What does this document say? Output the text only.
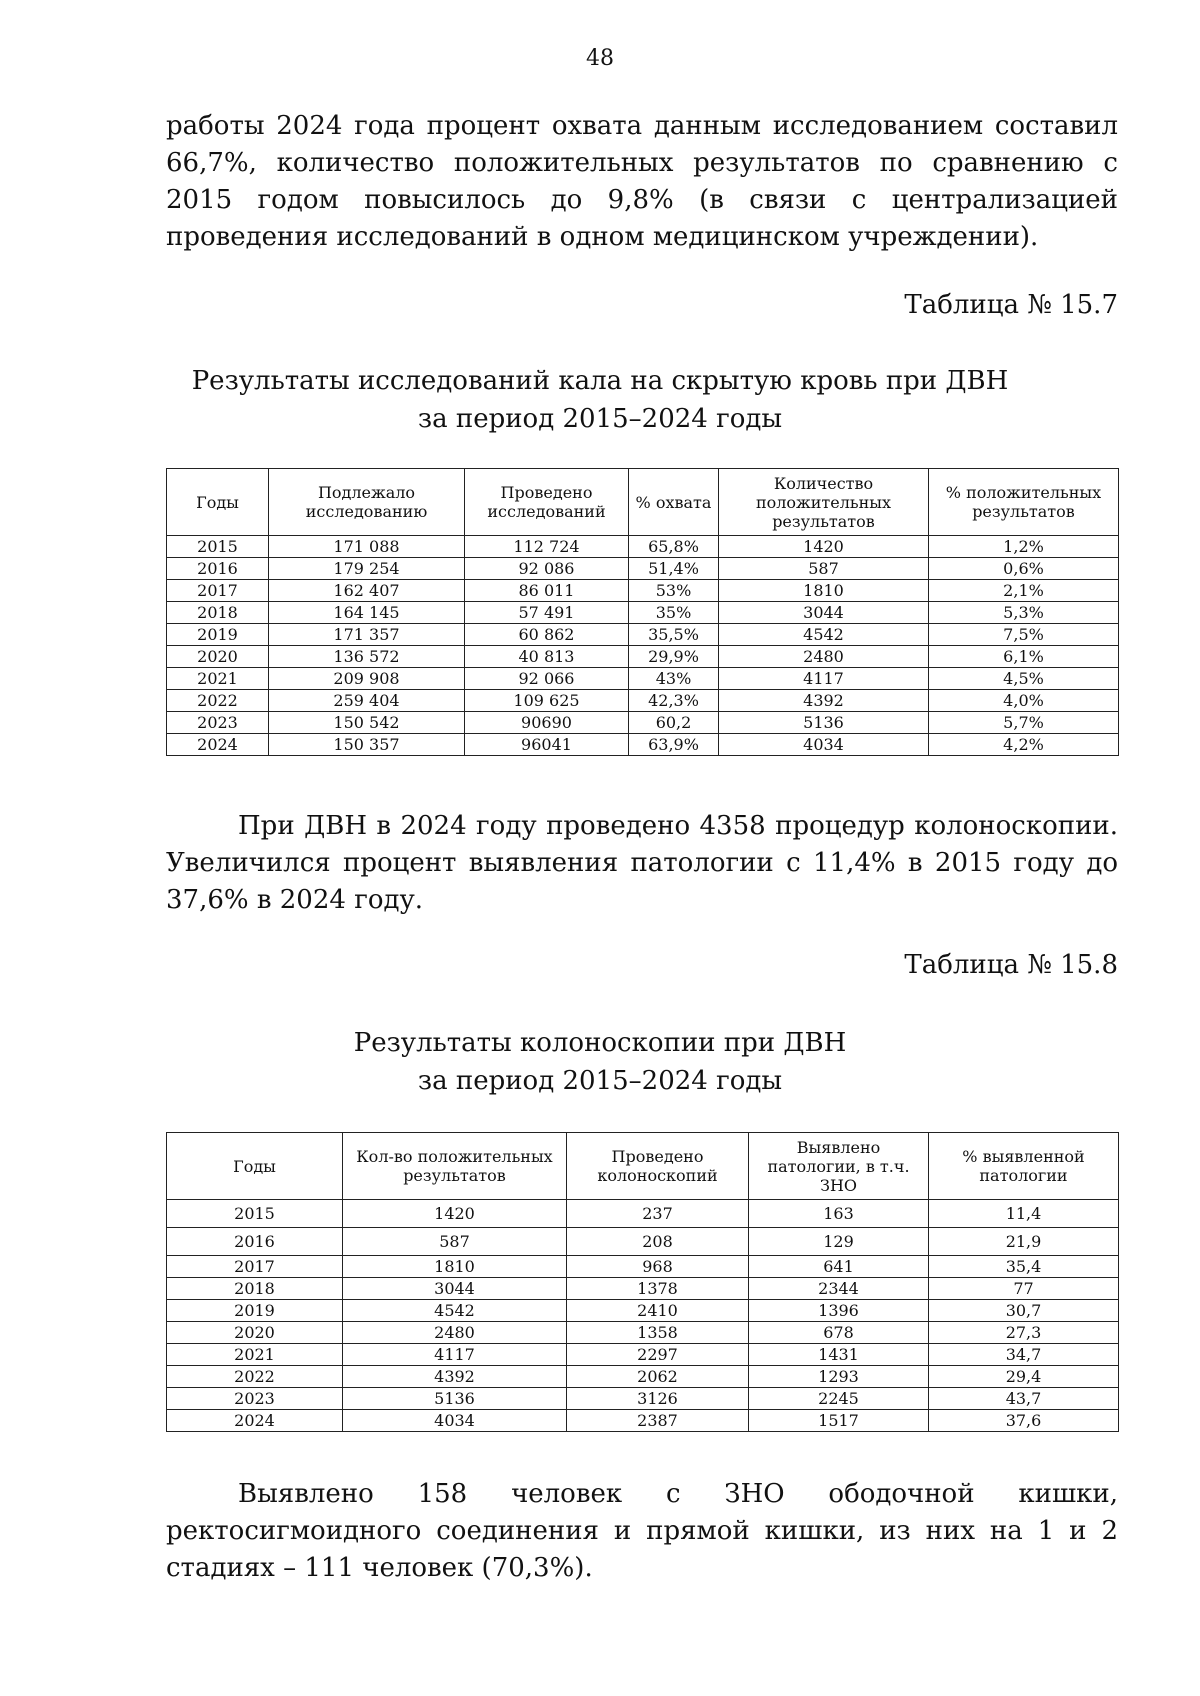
48

работы 2024 года процент охвата данным исследованием составил 66,7%, количество положительных результатов по сравнению с 2015 годом повысилось до 9,8% (в связи с централизацией проведения исследований в одном медицинском учреждении).

Таблица № 15.7
Результаты исследований кала на скрытую кровь при ДВН
за период 2015–2024 годы
Годы	Подлежало исследованию	Проведено исследований	% охвата	Количество положительных результатов	% положительных результатов
2015	171 088	112 724	65,8%	1420	1,2%
2016	179 254	92 086	51,4%	587	0,6%
2017	162 407	86 011	53%	1810	2,1%
2018	164 145	57 491	35%	3044	5,3%
2019	171 357	60 862	35,5%	4542	7,5%
2020	136 572	40 813	29,9%	2480	6,1%
2021	209 908	92 066	43%	4117	4,5%
2022	259 404	109 625	42,3%	4392	4,0%
2023	150 542	90690	60,2	5136	5,7%
2024	150 357	96041	63,9%	4034	4,2%

При ДВН в 2024 году проведено 4358 процедур колоноскопии. Увеличился процент выявления патологии с 11,4% в 2015 году до 37,6% в 2024 году.

Таблица № 15.8
Результаты колоноскопии при ДВН
за период 2015–2024 годы
Годы	Кол-во положительных результатов	Проведено колоноскопий	Выявлено патологии, в т.ч. ЗНО	% выявленной патологии
2015	1420	237	163	11,4
2016	587	208	129	21,9
2017	1810	968	641	35,4
2018	3044	1378	2344	77
2019	4542	2410	1396	30,7
2020	2480	1358	678	27,3
2021	4117	2297	1431	34,7
2022	4392	2062	1293	29,4
2023	5136	3126	2245	43,7
2024	4034	2387	1517	37,6

Выявлено 158 человек с ЗНО ободочной кишки, ректосигмоидного соединения и прямой кишки, из них на 1 и 2 стадиях – 111 человек (70,3%).
